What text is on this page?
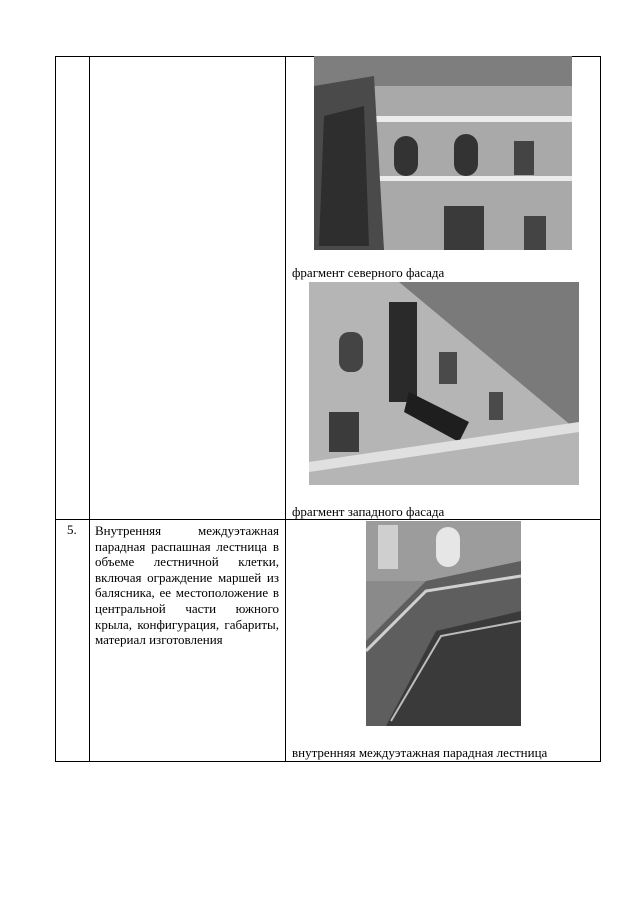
фрагмент северного фасада
фрагмент западного фасада
5. Внутренняя междуэтажная парадная распашная лестница в объеме лестничной клетки, включая ограждение маршей из балясника, ее местоположение в центральной части южного крыла, конфигурация, габариты, материал изготовления
внутренняя междуэтажная парадная лестница
